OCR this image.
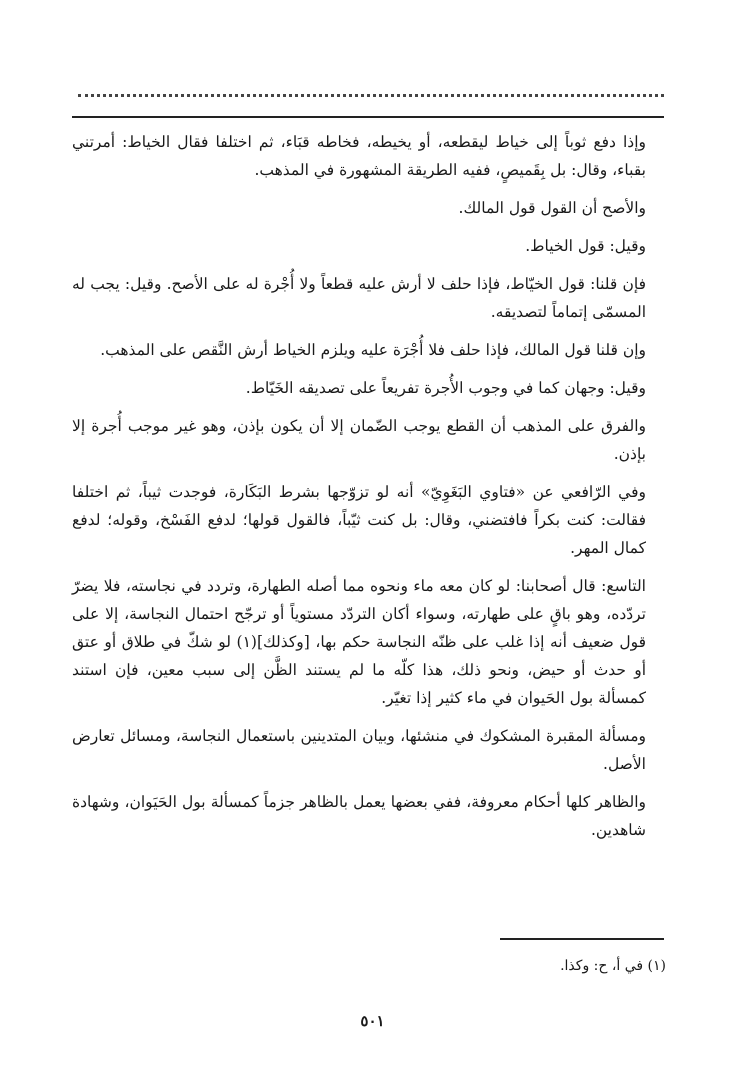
وإذا دفع ثوباً إلى خياط ليقطعه، أو يخيطه، فخاطه قبَاء، ثم اختلفا فقال الخياط: أمرتني بقباء، وقال: بل بِقَميصٍ، ففيه الطريقة المشهورة في المذهب.

والأصح أن القول قول المالك.

وقيل: قول الخياط.

فإن قلنا: قول الخيّاط، فإذا حلف لا أرش عليه قطعاً ولا أُجْرة له على الأصح. وقيل: يجب له المسمّى إتماماً لتصديقه.

وإن قلنا قول المالك، فإذا حلف فلا أُجْرَة عليه ويلزم الخياط أرش النَّقص على المذهب.

وقيل: وجهان كما في وجوب الأُجرة تفريعاً على تصديقه الخَيّاط.

والفرق على المذهب أن القطع يوجب الضّمان إلا أن يكون بإذن، وهو غير موجب أُجرة إلا بإذن.

وفي الرّافعي عن «فتاوي البَغَوِيّ» أنه لو تزوّجها بشرط البَكَارة، فوجدت ثيباً، ثم اختلفا فقالت: كنت بكراً فافتضني، وقال: بل كنت ثيّباً، فالقول قولها؛ لدفع الفَسْخ، وقوله؛ لدفع كمال المهر.

التاسع: قال أصحابنا: لو كان معه ماء ونحوه مما أصله الطهارة، وتردد في نجاسته، فلا يضرّ تردّده، وهو باقٍ على طهارته، وسواء أكان التردّد مستوياً أو ترجّح احتمال النجاسة، إلا على قول ضعيف أنه إذا غلب على ظنّه النجاسة حكم بها، [وكذلك](١) لو شكّ في طلاق أو عتق أو حدث أو حيض، ونحو ذلك، هذا كلّه ما لم يستند الظَّن إلى سبب معين، فإن استند كمسألة بول الحَيوان في ماء كثير إذا تغيّر.

ومسألة المقبرة المشكوك في منشئها، وبيان المتدينين باستعمال النجاسة، ومسائل تعارض الأصل.

والظاهر كلها أحكام معروفة، ففي بعضها يعمل بالظاهر جزماً كمسألة بول الحَيَوان، وشهادة شاهدين.

(١) في أ، ح: وكذا.
٥٠١
